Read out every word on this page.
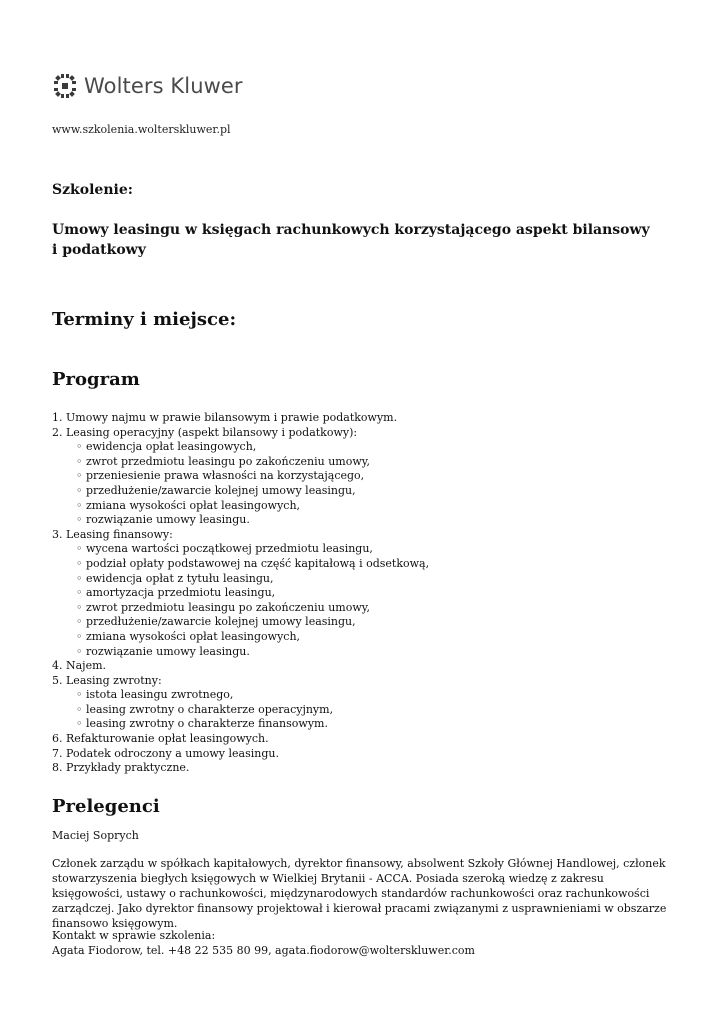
Wolters Kluwer
www.szkolenia.wolterskluwer.pl
Szkolenie:
Umowy leasingu w księgach rachunkowych korzystającego aspekt bilansowy i podatkowy
Terminy i miejsce:
Program
1. Umowy najmu w prawie bilansowym i prawie podatkowym.
2. Leasing operacyjny (aspekt bilansowy i podatkowy):
◦ ewidencja opłat leasingowych,
◦ zwrot przedmiotu leasingu po zakończeniu umowy,
◦ przeniesienie prawa własności na korzystającego,
◦ przedłużenie/zawarcie kolejnej umowy leasingu,
◦ zmiana wysokości opłat leasingowych,
◦ rozwiązanie umowy leasingu.
3. Leasing finansowy:
◦ wycena wartości początkowej przedmiotu leasingu,
◦ podział opłaty podstawowej na część kapitałową i odsetkową,
◦ ewidencja opłat z tytułu leasingu,
◦ amortyzacja przedmiotu leasingu,
◦ zwrot przedmiotu leasingu po zakończeniu umowy,
◦ przedłużenie/zawarcie kolejnej umowy leasingu,
◦ zmiana wysokości opłat leasingowych,
◦ rozwiązanie umowy leasingu.
4. Najem.
5. Leasing zwrotny:
◦ istota leasingu zwrotnego,
◦ leasing zwrotny o charakterze operacyjnym,
◦ leasing zwrotny o charakterze finansowym.
6. Refakturowanie opłat leasingowych.
7. Podatek odroczony a umowy leasingu.
8. Przykłady praktyczne.
Prelegenci
Maciej Soprych

Członek zarządu w spółkach kapitałowych, dyrektor finansowy, absolwent Szkoły Głównej Handlowej, członek stowarzyszenia biegłych księgowych w Wielkiej Brytanii - ACCA. Posiada szeroką wiedzę z zakresu księgowości, ustawy o rachunkowości, międzynarodowych standardów rachunkowości oraz rachunkowości zarządczej. Jako dyrektor finansowy projektował i kierował pracami związanymi z usprawnieniami w obszarze finansowo księgowym.

Kontakt w sprawie szkolenia:
Agata Fiodorow, tel. +48 22 535 80 99, agata.fiodorow@wolterskluwer.com
